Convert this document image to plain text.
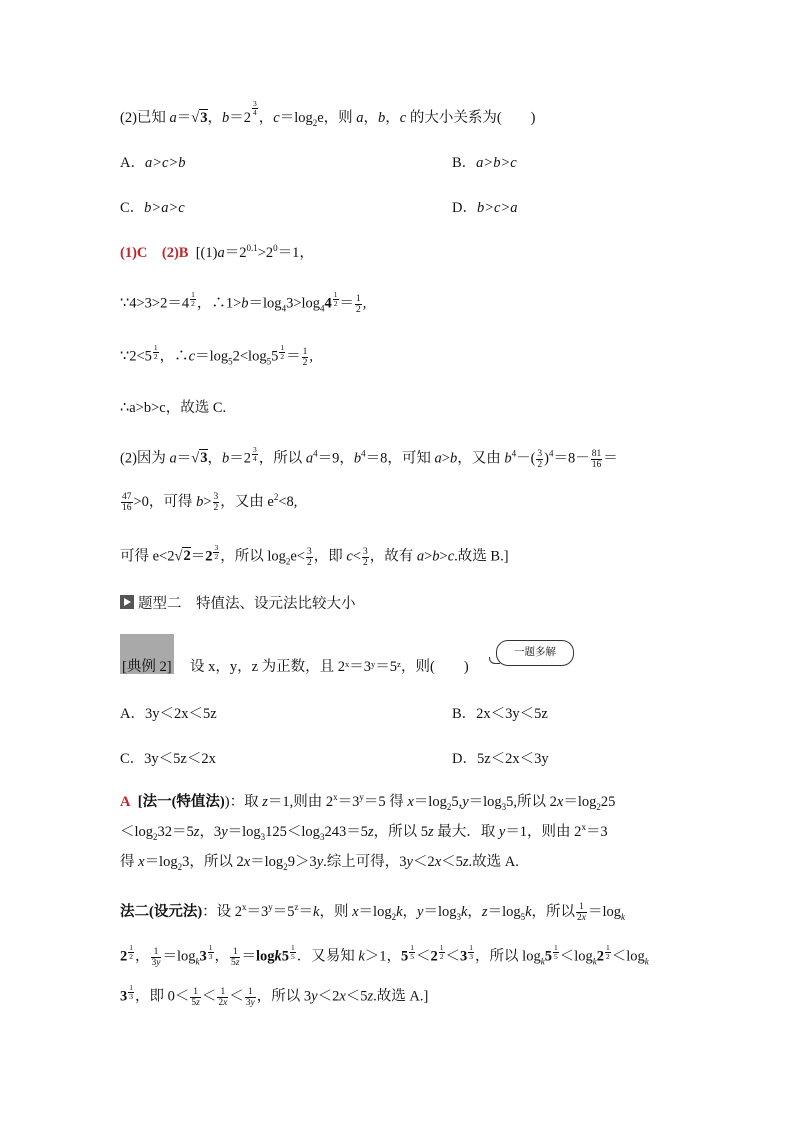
(2)已知 a＝√3，b＝2
$^{\frac{3}{4}}$
，$c=\log_2e$，则 a，b，c 的大小关系为(　　)
A．a>c>b	B．a>b>c
C．b>a>c	D．b>c>a
(1)C　(2)B  [$(1)a=2^{0.1}>2^0=1$，
∵4>3>2＝4 $^{\frac{1}{2}}$ ，$\therefore 1>b=\log_43>\log_44$ $^{\frac{1}{2}} = \frac{1}{2}$ ,
∵2<5 $^{\frac{1}{2}}$ ，$\therefore c=\log_52<\log_55$ $^{\frac{1}{2}} = \frac{1}{2}$ ,
∴a>b>c，故选 C.
(2)因为 a＝√3，b＝2 $^{\frac{3}{4}}$ ，所以 $a^4=9$，$b^4=8$，可知 a>b，又由 $b^4-( \frac{3}{2} )^4=8- \frac{81}{16}$ ＝
$\frac{47}{16} >0$，可得 $b> \frac{3}{2}$ ，又由 $e^2<8$,
可得 e<2√2＝2 $^{\frac{3}{2}}$ ，所以 $\log_2e< \frac{3}{2}$ ，即 $c< \frac{3}{2}$ ，故有 a>b>c.故选 B.]
题型二　特值法、设元法比较大小
[典例 2] 设 x，y，z 为正数，且 2ˣ＝3ʸ＝5ᶻ，则(　　)
一题多解
A．3y＜2x＜5z	B．2x＜3y＜5z
C．3y＜5z＜2x	D．5z＜2x＜3y
A [法一(特值法))：取 z＝1,则由 $2^x=3^y=5$ 得 $x=\log_25,y=\log_35$,所以 $2x=\log_225$
$<\log_232=5z$，$3y=\log_3125<\log_3243=5z$，所以 5z 最大．取 y＝1，则由 $2^x=3$
得 $x=\log_23$，所以 $2x=\log_29>3y$.综上可得，3y＜2x＜5z.故选 A.
法二(设元法)：设 $2^x=3^y=5^z=k$，则 $x=\log_2k$，$y=\log_3k$，$z=\log_5k$，所以 $\frac{1}{2x} =\log_k$
2 $^{\frac{1}{2}}$ ， $\frac{1}{3y} =\log_k3$ $^{\frac{1}{3}}$ ， $\frac{1}{5z} =\log k5$ $^{\frac{1}{5}}$ ．又易知 k＞1，5 $^{\frac{1}{5}}$ ＜2 $^{\frac{1}{2}}$ ＜3 $^{\frac{1}{3}}$ ，所以 $\log_k5$ $^{\frac{1}{5}} <\log_k2$ $^{\frac{1}{2}} <\log_k$
3 $^{\frac{1}{3}}$ ，即 $0< \frac{1}{5z} < \frac{1}{2x} < \frac{1}{3y}$ ，所以 3y＜2x＜5z.故选 A.]
